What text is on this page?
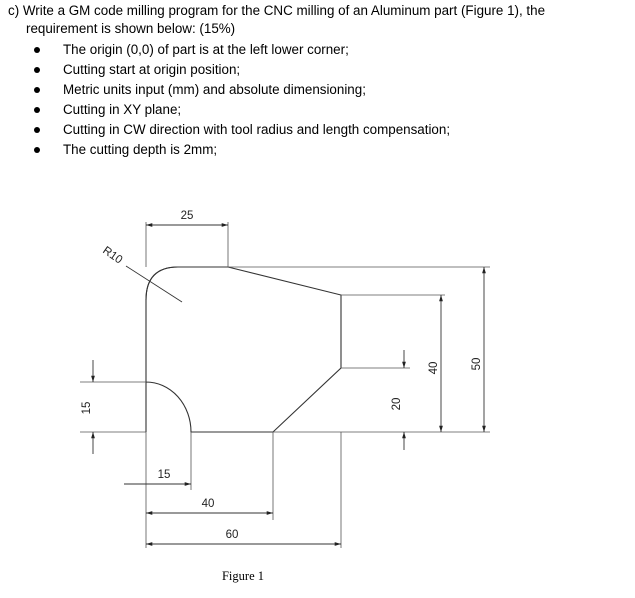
c) Write a GM code milling program for the CNC milling of an Aluminum part (Figure 1), the
requirement is shown below: (15%)
The origin (0,0) of part is at the left lower corner;
Cutting start at origin position;
Metric units input (mm) and absolute dimensioning;
Cutting in XY plane;
Cutting in CW direction with tool radius and length compensation;
The cutting depth is 2mm;
25
R10
15
15
40
60
20
40	50
Figure 1
